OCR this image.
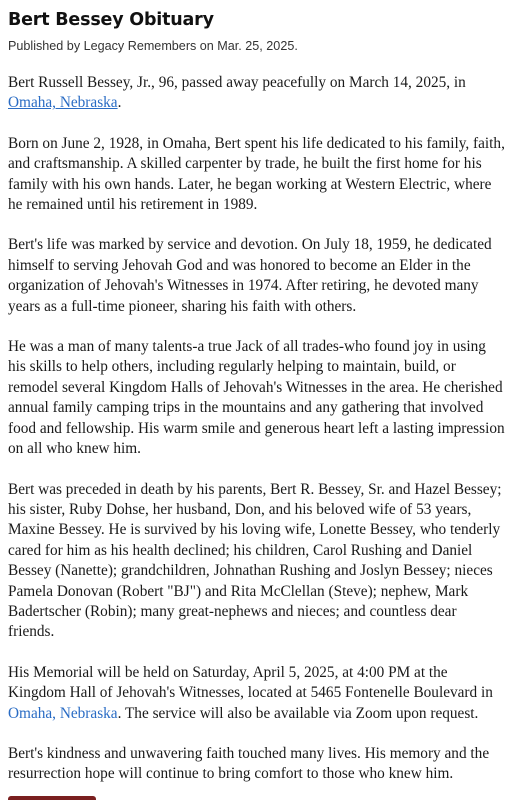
Bert Bessey Obituary

Published by Legacy Remembers on Mar. 25, 2025.

Bert Russell Bessey, Jr., 96, passed away peacefully on March 14, 2025, in Omaha, Nebraska.

Born on June 2, 1928, in Omaha, Bert spent his life dedicated to his family, faith, and craftsmanship. A skilled carpenter by trade, he built the first home for his family with his own hands. Later, he began working at Western Electric, where he remained until his retirement in 1989.

Bert's life was marked by service and devotion. On July 18, 1959, he dedicated himself to serving Jehovah God and was honored to become an Elder in the organization of Jehovah's Witnesses in 1974. After retiring, he devoted many years as a full-time pioneer, sharing his faith with others.

He was a man of many talents-a true Jack of all trades-who found joy in using his skills to help others, including regularly helping to maintain, build, or remodel several Kingdom Halls of Jehovah's Witnesses in the area. He cherished annual family camping trips in the mountains and any gathering that involved food and fellowship. His warm smile and generous heart left a lasting impression on all who knew him.

Bert was preceded in death by his parents, Bert R. Bessey, Sr. and Hazel Bessey; his sister, Ruby Dohse, her husband, Don, and his beloved wife of 53 years, Maxine Bessey. He is survived by his loving wife, Lonette Bessey, who tenderly cared for him as his health declined; his children, Carol Rushing and Daniel Bessey (Nanette); grandchildren, Johnathan Rushing and Joslyn Bessey; nieces Pamela Donovan (Robert "BJ") and Rita McClellan (Steve); nephew, Mark Badertscher (Robin); many great-nephews and nieces; and countless dear friends.

His Memorial will be held on Saturday, April 5, 2025, at 4:00 PM at the Kingdom Hall of Jehovah's Witnesses, located at 5465 Fontenelle Boulevard in Omaha, Nebraska. The service will also be available via Zoom upon request.

Bert's kindness and unwavering faith touched many lives. His memory and the resurrection hope will continue to bring comfort to those who knew him.
